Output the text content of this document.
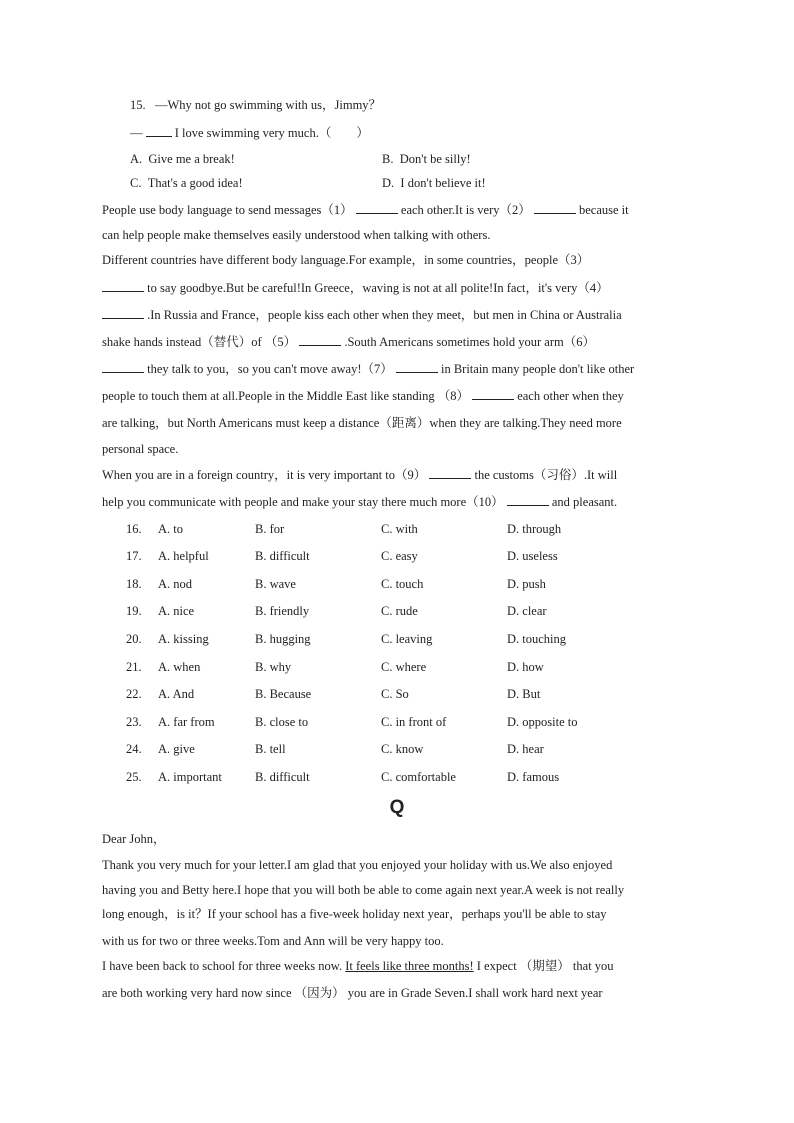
15. —Why not go swimming with us，Jimmy？
—	I love swimming very much.（　　）
A. Give me a break!	B. Don't be silly!
C. That's a good idea!	D. I don't believe it!
People use body language to send messages（1）	each other.It is very（2）	because it
can help people make themselves easily understood when talking with others.
Different countries have different body language.For example，in some countries，people（3）
to say goodbye.But be careful!In Greece，waving is not at all polite!In fact，it's very（4）
.In Russia and France，people kiss each other when they meet，but men in China or Australia
shake hands instead（替代）of （5）	.South Americans sometimes hold your arm（6）
they talk to you，so you can't move away!（7）	in Britain many people don't like other
people to touch them at all.People in the Middle East like standing （8）	each other when they
are talking，but North Americans must keep a distance（距离）when they are talking.They need more
personal space.
When you are in a foreign country，it is very important to（9）	the customs（习俗）.It will
help you communicate with people and make your stay there much more（10）	and pleasant.
16. A. to	B. for	C. with	D. through
17. A. helpful	B. difficult	C. easy	D. useless
18. A. nod	B. wave	C. touch	D. push
19. A. nice	B. friendly	C. rude	D. clear
20. A. kissing	B. hugging	C. leaving	D. touching
21. A. when	B. why	C. where	D. how
22. A. And	B. Because	C. So	D. But
23. A. far from	B. close to	C. in front of	D. opposite to
24. A. give	B. tell	C. know	D. hear
25. A. important	B. difficult	C. comfortable	D. famous
Q
Dear John，
Thank you very much for your letter.I am glad that you enjoyed your holiday with us.We also enjoyed
having you and Betty here.I hope that you will both be able to come again next year.A week is not really
long enough，is it？If your school has a five-week holiday next year，perhaps you'll be able to stay
with us for two or three weeks.Tom and Ann will be very happy too.
I have been back to school for three weeks now. It feels like three months! I expect （期望） that you
are both working very hard now since （因为） you are in Grade Seven.I shall work hard next year
